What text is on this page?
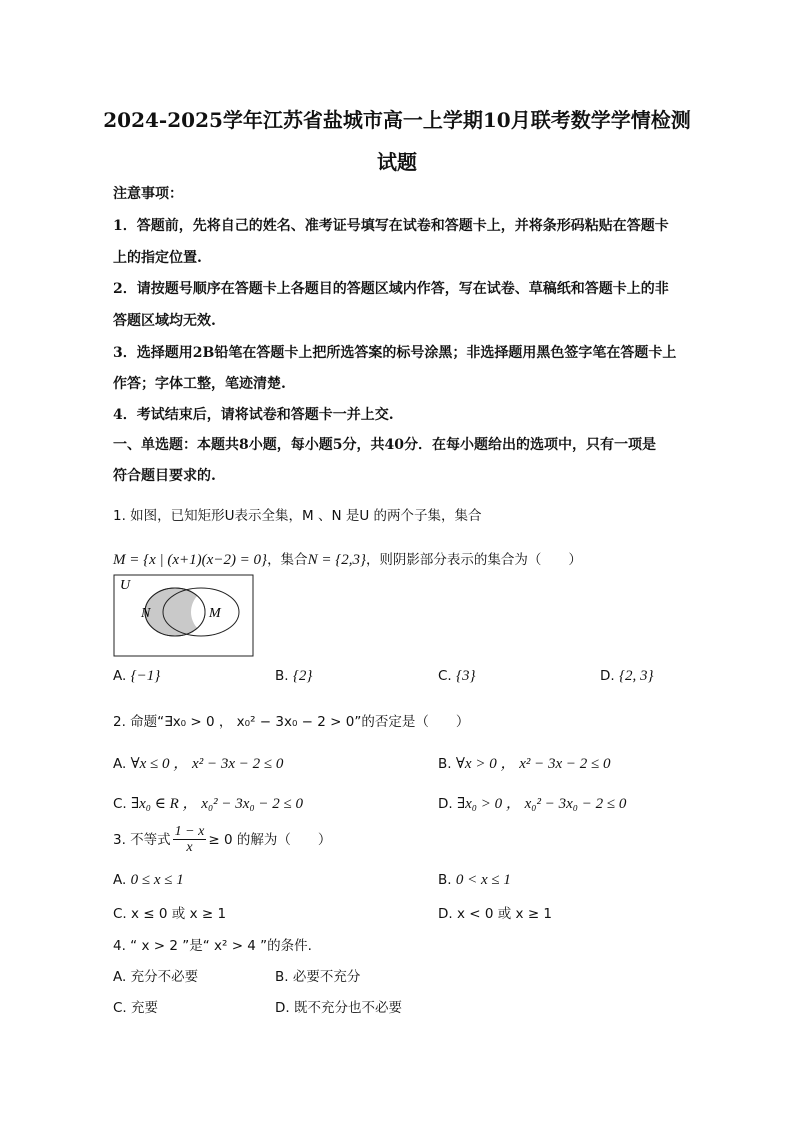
2024-2025学年江苏省盐城市高一上学期10月联考数学学情检测
试题
注意事项：
1．答题前，先将自己的姓名、准考证号填写在试卷和答题卡上，并将条形码粘贴在答题卡
上的指定位置.
2．请按题号顺序在答题卡上各题目的答题区域内作答，写在试卷、草稿纸和答题卡上的非
答题区域均无效.
3．选择题用2B铅笔在答题卡上把所选答案的标号涂黑；非选择题用黑色签字笔在答题卡上
作答；字体工整，笔迹清楚.
4．考试结束后，请将试卷和答题卡一并上交.
一、单选题：本题共8小题，每小题5分，共40分．在每小题给出的选项中，只有一项是
符合题目要求的.
1. 如图，已知矩形U表示全集，M 、N 是U 的两个子集，集合
M = {x | (x+1)(x−2) = 0}，集合N = {2,3}，则阴影部分表示的集合为（　　）
U
N	M
A. {−1}	B. {2}	C. {3}	D. {2, 3}
2. 命题“∃x₀ > 0 ， x₀² − 3x₀ − 2 > 0”的否定是（　　）
A. ∀x ≤ 0 ， x² − 3x − 2 ≤ 0	B. ∀x > 0 ， x² − 3x − 2 ≤ 0
C. ∃x₀ ∈ R ， x₀² − 3x₀ − 2 ≤ 0	D. ∃x₀ > 0 ， x₀² − 3x₀ − 2 ≤ 0
3. 不等式 $\frac{1 - x}{x} \ge 0$ 的解为（　　）
A. 0 ≤ x ≤ 1	B. 0 < x ≤ 1
C. x ≤ 0 或 x ≥ 1	D. x < 0 或 x ≥ 1
4. “ x > 2 ”是“ x² > 4 ”的条件.
A. 充分不必要	B. 必要不充分
C. 充要	D. 既不充分也不必要
